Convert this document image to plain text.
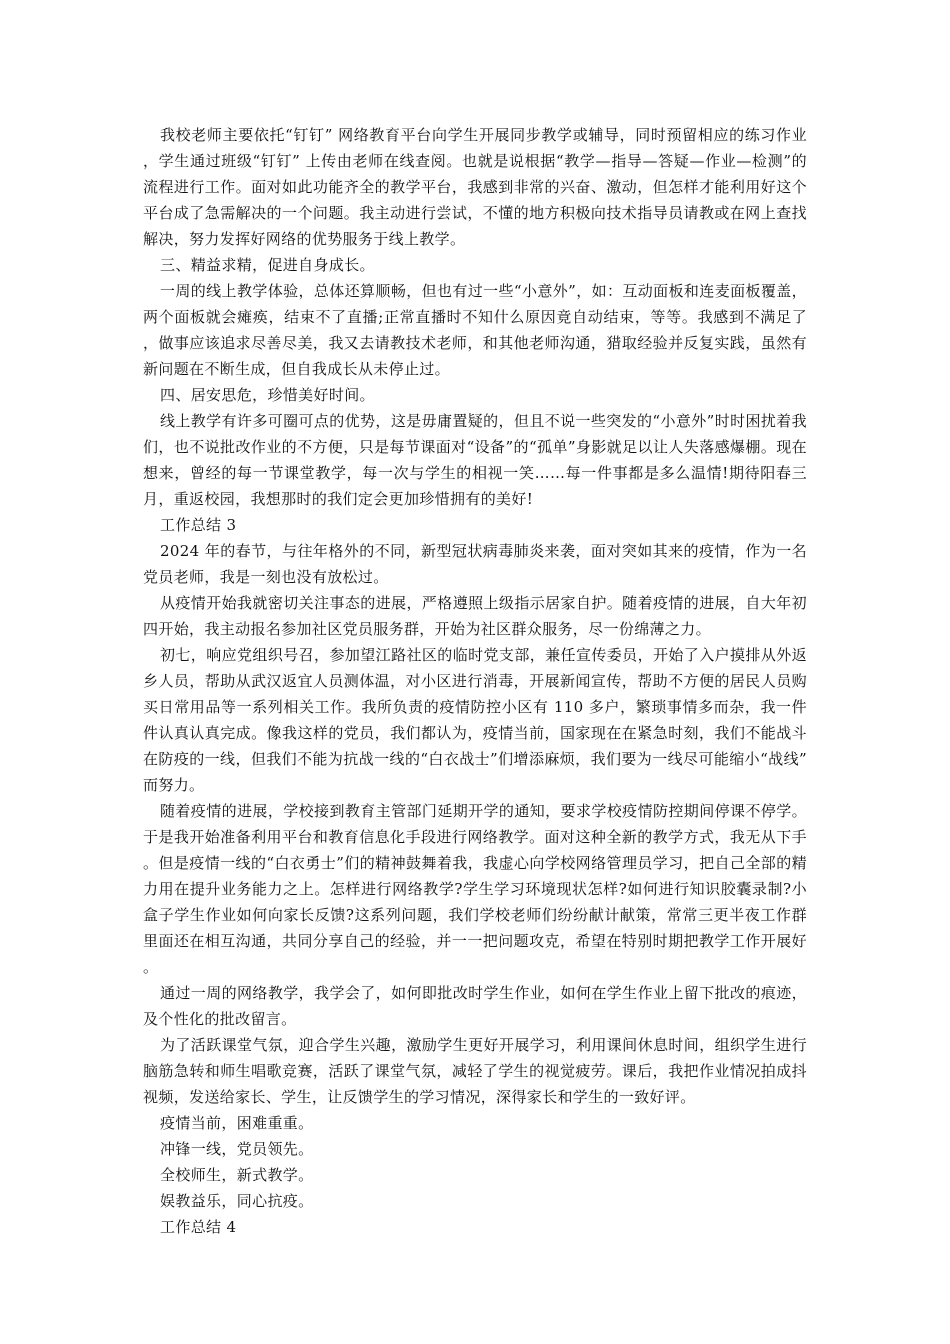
我校老师主要依托“钉钉” 网络教育平台向学生开展同步教学或辅导，同时预留相应的练习作业，学生通过班级“钉钉” 上传由老师在线查阅。也就是说根据“教学—指导—答疑—作业—检测”的流程进行工作。面对如此功能齐全的教学平台，我感到非常的兴奋、激动，但怎样才能利用好这个平台成了急需解决的一个问题。我主动进行尝试，不懂的地方积极向技术指导员请教或在网上查找解决，努力发挥好网络的优势服务于线上教学。

三、精益求精，促进自身成长。

一周的线上教学体验，总体还算顺畅，但也有过一些“小意外”，如：互动面板和连麦面板覆盖，两个面板就会瘫痪，结束不了直播;正常直播时不知什么原因竟自动结束，等等。我感到不满足了，做事应该追求尽善尽美，我又去请教技术老师，和其他老师沟通，猎取经验并反复实践，虽然有新问题在不断生成，但自我成长从未停止过。

四、居安思危，珍惜美好时间。

线上教学有许多可圈可点的优势，这是毋庸置疑的，但且不说一些突发的“小意外”时时困扰着我们，也不说批改作业的不方便，只是每节课面对“设备”的“孤单”身影就足以让人失落感爆棚。现在想来，曾经的每一节课堂教学，每一次与学生的相视一笑……每一件事都是多么温情!期待阳春三月，重返校园，我想那时的我们定会更加珍惜拥有的美好!

工作总结 3

2024 年的春节，与往年格外的不同，新型冠状病毒肺炎来袭，面对突如其来的疫情，作为一名党员老师，我是一刻也没有放松过。

从疫情开始我就密切关注事态的进展，严格遵照上级指示居家自护。随着疫情的进展，自大年初四开始，我主动报名参加社区党员服务群，开始为社区群众服务，尽一份绵薄之力。

初七，响应党组织号召，参加望江路社区的临时党支部，兼任宣传委员，开始了入户摸排从外返乡人员，帮助从武汉返宜人员测体温，对小区进行消毒，开展新闻宣传，帮助不方便的居民人员购买日常用品等一系列相关工作。我所负责的疫情防控小区有 110 多户，繁琐事情多而杂，我一件件认真认真完成。像我这样的党员，我们都认为，疫情当前，国家现在在紧急时刻，我们不能战斗在防疫的一线，但我们不能为抗战一线的“白衣战士”们增添麻烦，我们要为一线尽可能缩小“战线”而努力。

随着疫情的进展，学校接到教育主管部门延期开学的通知，要求学校疫情防控期间停课不停学。于是我开始准备利用平台和教育信息化手段进行网络教学。面对这种全新的教学方式，我无从下手。但是疫情一线的“白衣勇士”们的精神鼓舞着我，我虚心向学校网络管理员学习，把自己全部的精力用在提升业务能力之上。怎样进行网络教学?学生学习环境现状怎样?如何进行知识胶囊录制?小盒子学生作业如何向家长反馈?这系列问题，我们学校老师们纷纷献计献策，常常三更半夜工作群里面还在相互沟通，共同分享自己的经验，并一一把问题攻克，希望在特别时期把教学工作开展好。

通过一周的网络教学，我学会了，如何即批改时学生作业，如何在学生作业上留下批改的痕迹，及个性化的批改留言。

为了活跃课堂气氛，迎合学生兴趣，激励学生更好开展学习，利用课间休息时间，组织学生进行脑筋急转和师生唱歌竞赛，活跃了课堂气氛，减轻了学生的视觉疲劳。课后，我把作业情况拍成抖视频，发送给家长、学生，让反馈学生的学习情况，深得家长和学生的一致好评。

疫情当前，困难重重。

冲锋一线，党员领先。

全校师生，新式教学。

娱教益乐，同心抗疫。

工作总结 4
